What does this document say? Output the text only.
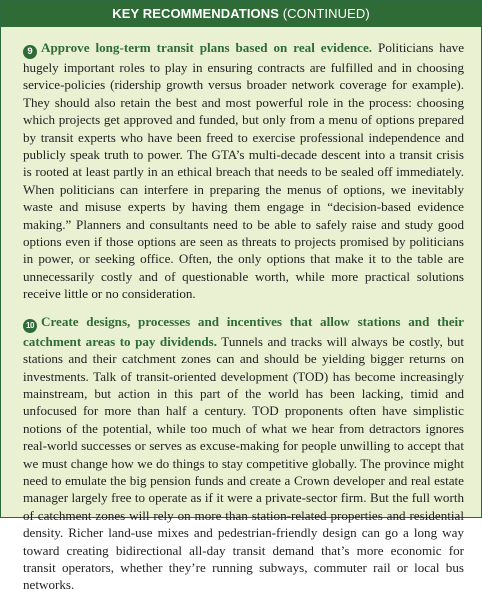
KEY RECOMMENDATIONS (CONTINUED)

9 Approve long-term transit plans based on real evidence. Politicians have hugely important roles to play in ensuring contracts are fulfilled and in choosing service-policies (ridership growth versus broader network coverage for example). They should also retain the best and most powerful role in the process: choosing which projects get approved and funded, but only from a menu of options prepared by transit experts who have been freed to exercise professional independence and publicly speak truth to power. The GTA’s multi-decade descent into a transit crisis is rooted at least partly in an ethical breach that needs to be sealed off immediately. When politicians can interfere in preparing the menus of options, we inevitably waste and misuse experts by having them engage in “decision-based evidence making.” Planners and consultants need to be able to safely raise and study good options even if those options are seen as threats to projects promised by politicians in power, or seeking office. Often, the only options that make it to the table are unnecessarily costly and of questionable worth, while more practical solutions receive little or no consideration.

10 Create designs, processes and incentives that allow stations and their catchment areas to pay dividends. Tunnels and tracks will always be costly, but stations and their catchment zones can and should be yielding bigger returns on investments. Talk of transit-oriented development (TOD) has become increasingly mainstream, but action in this part of the world has been lacking, timid and unfocused for more than half a century. TOD proponents often have simplistic notions of the potential, while too much of what we hear from detractors ignores real-world successes or serves as excuse-making for people unwilling to accept that we must change how we do things to stay competitive globally. The province might need to emulate the big pension funds and create a Crown developer and real estate manager largely free to operate as if it were a private-sector firm. But the full worth of catchment zones will rely on more than station-related properties and residential density. Richer land-use mixes and pedestrian-friendly design can go a long way toward creating bidirectional all-day transit demand that’s more economic for transit operators, whether they’re running subways, commuter rail or local bus networks.
